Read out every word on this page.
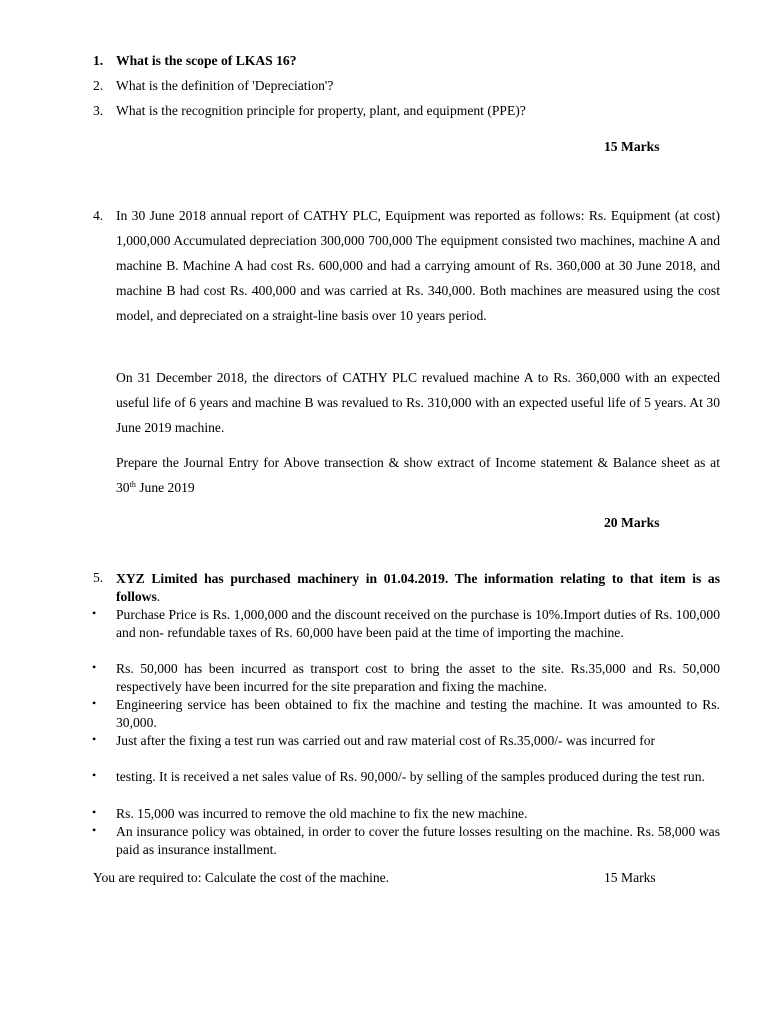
1. What is the scope of LKAS 16?
2. What is the definition of 'Depreciation'?
3. What is the recognition principle for property, plant, and equipment (PPE)?
15 Marks
4. In 30 June 2018 annual report of CATHY PLC, Equipment was reported as follows: Rs. Equipment (at cost) 1,000,000 Accumulated depreciation 300,000 700,000 The equipment consisted two machines, machine A and machine B. Machine A had cost Rs. 600,000 and had a carrying amount of Rs. 360,000 at 30 June 2018, and machine B had cost Rs. 400,000 and was carried at Rs. 340,000. Both machines are measured using the cost model, and depreciated on a straight-line basis over 10 years period.
On 31 December 2018, the directors of CATHY PLC revalued machine A to Rs. 360,000 with an expected useful life of 6 years and machine B was revalued to Rs. 310,000 with an expected useful life of 5 years. At 30 June 2019 machine.
Prepare the Journal Entry for Above transection & show extract of Income statement & Balance sheet as at 30th June 2019
20 Marks
5. XYZ Limited has purchased machinery in 01.04.2019. The information relating to that item is as follows.
• Purchase Price is Rs. 1,000,000 and the discount received on the purchase is 10%.Import duties of Rs. 100,000 and non- refundable taxes of Rs. 60,000 have been paid at the time of importing the machine.
• Rs. 50,000 has been incurred as transport cost to bring the asset to the site. Rs.35,000 and Rs. 50,000 respectively have been incurred for the site preparation and fixing the machine.
• Engineering service has been obtained to fix the machine and testing the machine. It was amounted to Rs. 30,000.
• Just after the fixing a test run was carried out and raw material cost of Rs.35,000/- was incurred for
• testing. It is received a net sales value of Rs. 90,000/- by selling of the samples produced during the test run.
• Rs. 15,000 was incurred to remove the old machine to fix the new machine.
• An insurance policy was obtained, in order to cover the future losses resulting on the machine. Rs. 58,000 was paid as insurance installment.
You are required to: Calculate the cost of the machine.	15 Marks
